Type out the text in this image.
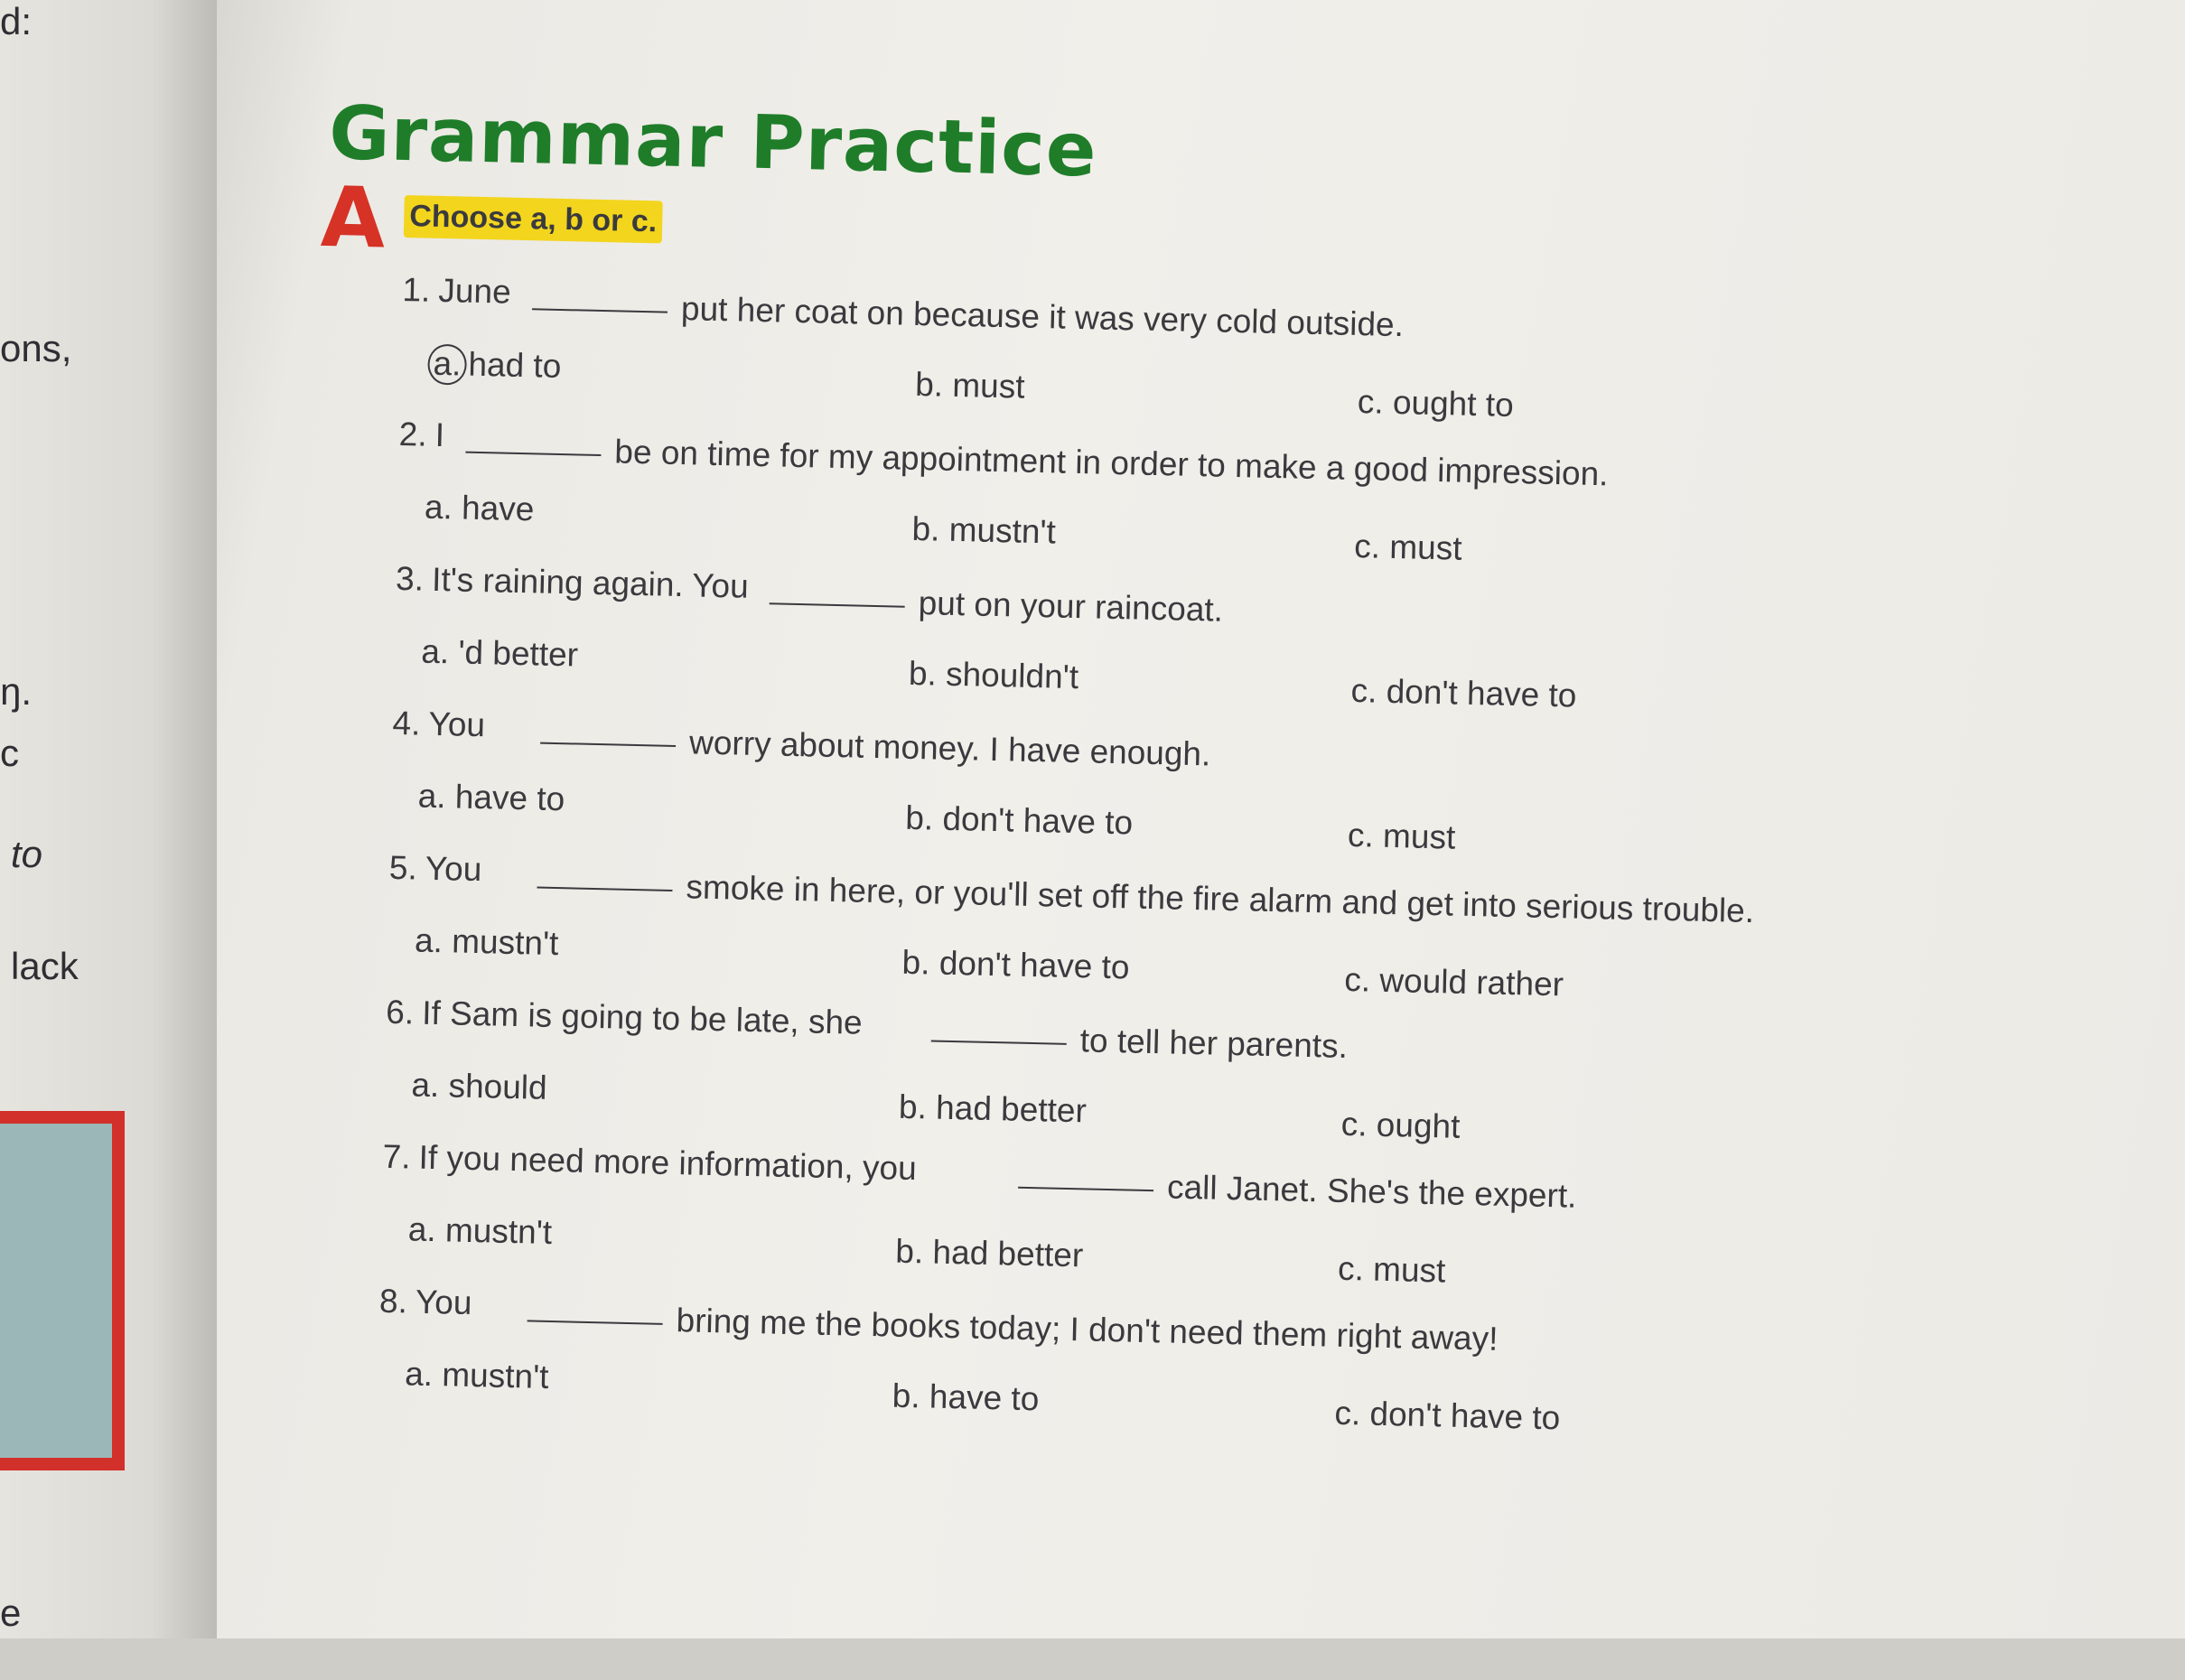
d:
ons,
ŋ.
c
to
lack
e
Grammar Practice
A Choose a, b or c.
1. June	put her coat on because it was very cold outside.
a. had to
b. must	c. ought to
2. I	be on time for my appointment in order to make a good impression.
a. have
b. mustn't	c. must
3. It's raining again. You
put on your raincoat.
a. 'd better
b. shouldn't	c. don't have to
4. You	worry about money. I have enough.
a. have to
b. don't have to	c. must
5. You	smoke in here, or you'll set off the fire alarm and get into serious trouble.
a. mustn't
b. don't have to	c. would rather
6. If Sam is going to be late, she
to tell her parents.
a. should
b. had better	c. ought
7. If you need more information, you
call Janet. She's the expert.
a. mustn't
b. had better	c. must
8. You	bring me the books today; I don't need them right away!
a. mustn't
b. have to	c. don't have to
